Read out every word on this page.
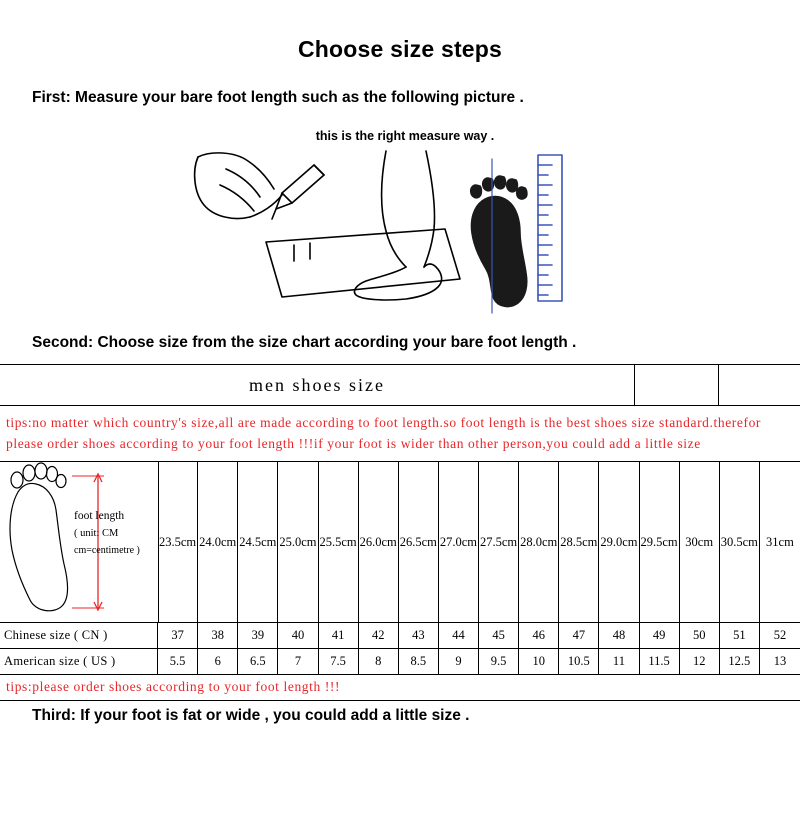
Choose size steps
First: Measure your bare foot length such as the following picture .
this is the right measure way .
Second: Choose size from the size chart according your bare foot length .
men shoes size
tips:no matter which country's size,all are made according to foot length.so foot length is the best shoes size standard.therefor please order shoes according to your foot length !!!if your foot is wider than other person,you could add a little size
foot length
( unit: CM
cm=centimetre )
23.5cm 24.0cm 24.5cm 25.0cm 25.5cm 26.0cm 26.5cm 27.0cm 27.5cm 28.0cm 28.5cm 29.0cm 29.5cm 30cm 30.5cm 31cm
Chinese size ( CN )	37	38	39	40	41	42	43	44	45	46	47	48	49	50	51	52
American size ( US )	5.5	6	6.5	7	7.5	8	8.5	9	9.5	10	10.5	11	11.5	12	12.5	13
tips:please order shoes according to your foot length !!!
Third: If your foot is fat or wide , you could add a little size .
